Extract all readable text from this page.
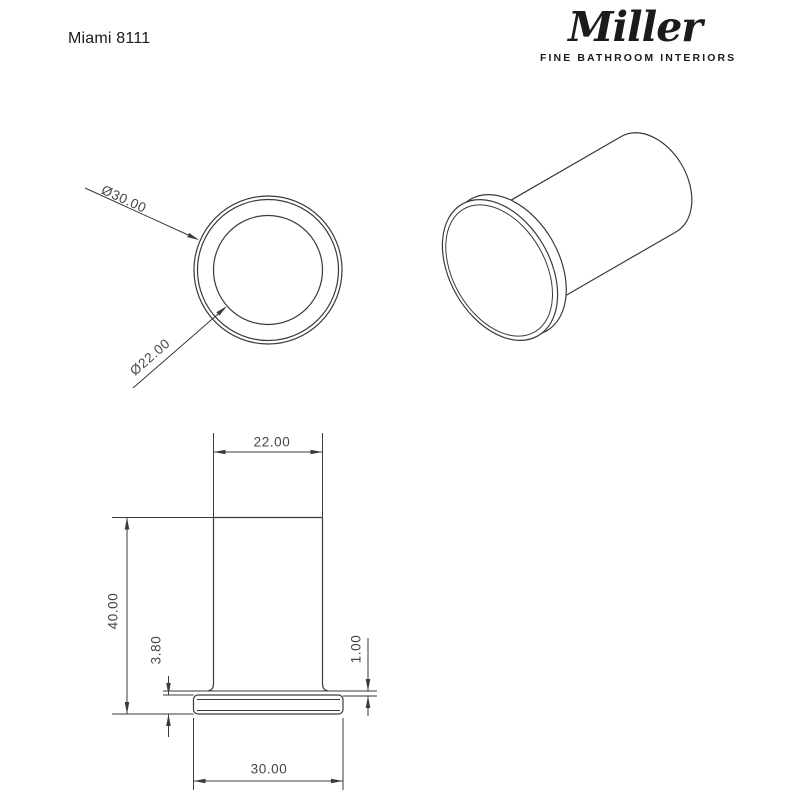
Miami 8111	Miller
FINE BATHROOM INTERIORS
Ø30.00
Ø22.00
22.00
40.00
3.80	1.00
30.00
